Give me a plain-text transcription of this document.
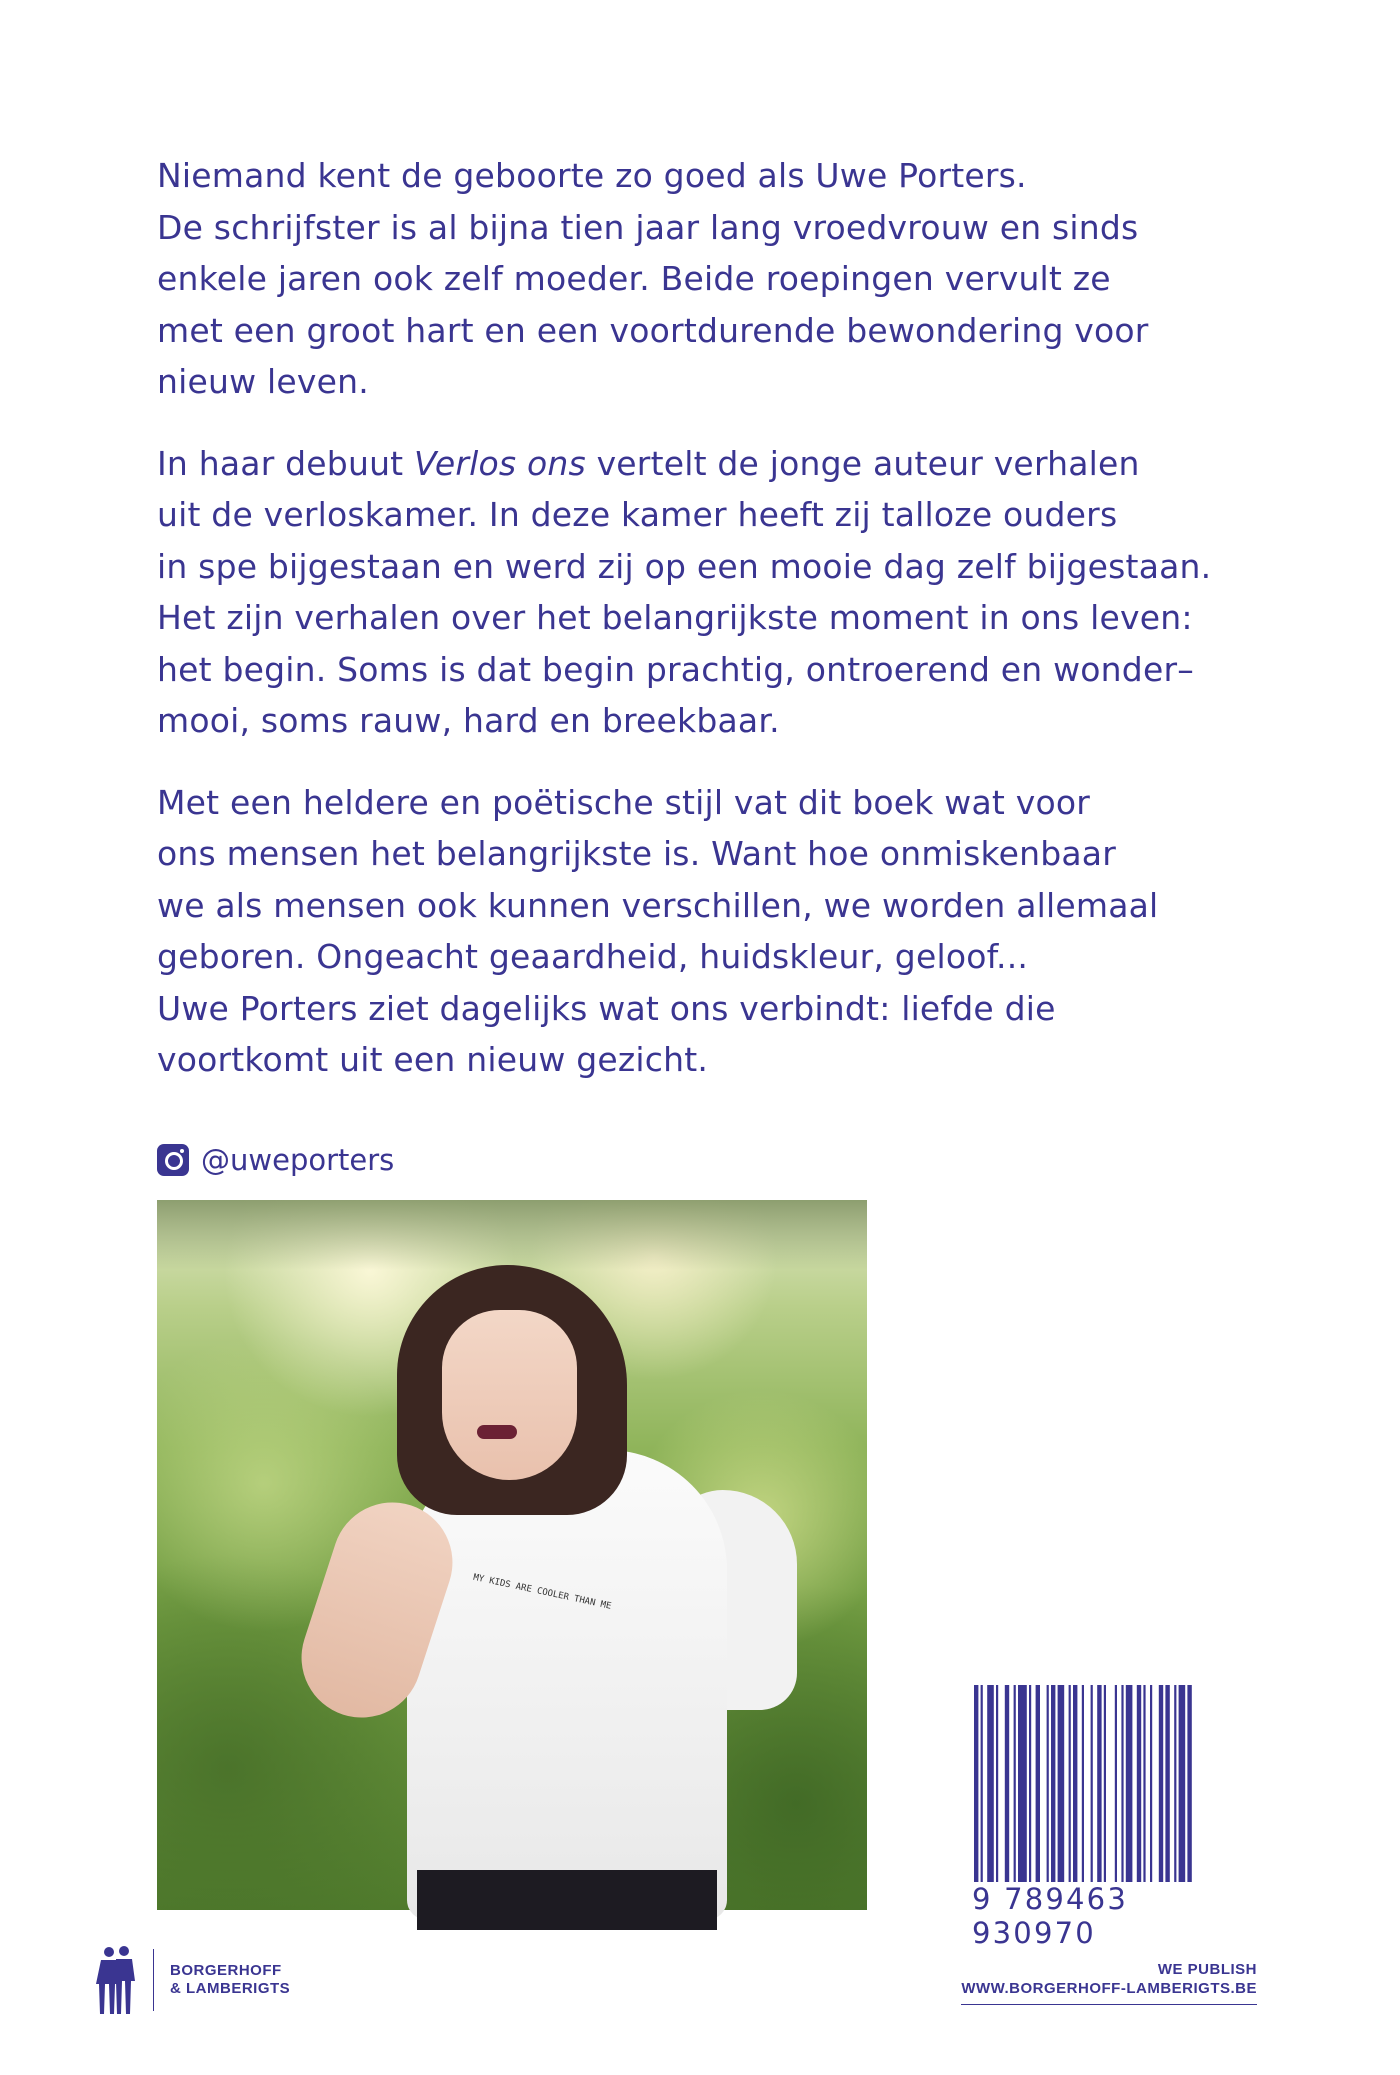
Niemand kent de geboorte zo goed als Uwe Porters.
De schrijfster is al bijna tien jaar lang vroedvrouw en sinds
enkele jaren ook zelf moeder. Beide roepingen vervult ze
met een groot hart en een voortdurende bewondering voor
nieuw leven.

In haar debuut Verlos ons vertelt de jonge auteur verhalen
uit de verloskamer. In deze kamer heeft zij talloze ouders
in spe bijgestaan en werd zij op een mooie dag zelf bijgestaan.
Het zijn verhalen over het belangrijkste moment in ons leven:
het begin. Soms is dat begin prachtig, ontroerend en wonder–
mooi, soms rauw, hard en breekbaar.

Met een heldere en poëtische stijl vat dit boek wat voor
ons mensen het belangrijkste is. Want hoe onmiskenbaar
we als mensen ook kunnen verschillen, we worden allemaal
geboren. Ongeacht geaardheid, huidskleur, geloof...
Uwe Porters ziet dagelijks wat ons verbindt: liefde die
voortkomt uit een nieuw gezicht.

@uweporters
MY KIDS ARE COOLER THAN ME
9 789463 930970
BORGERHOFF
& LAMBERIGTS
WE PUBLISH
WWW.BORGERHOFF-LAMBERIGTS.BE
